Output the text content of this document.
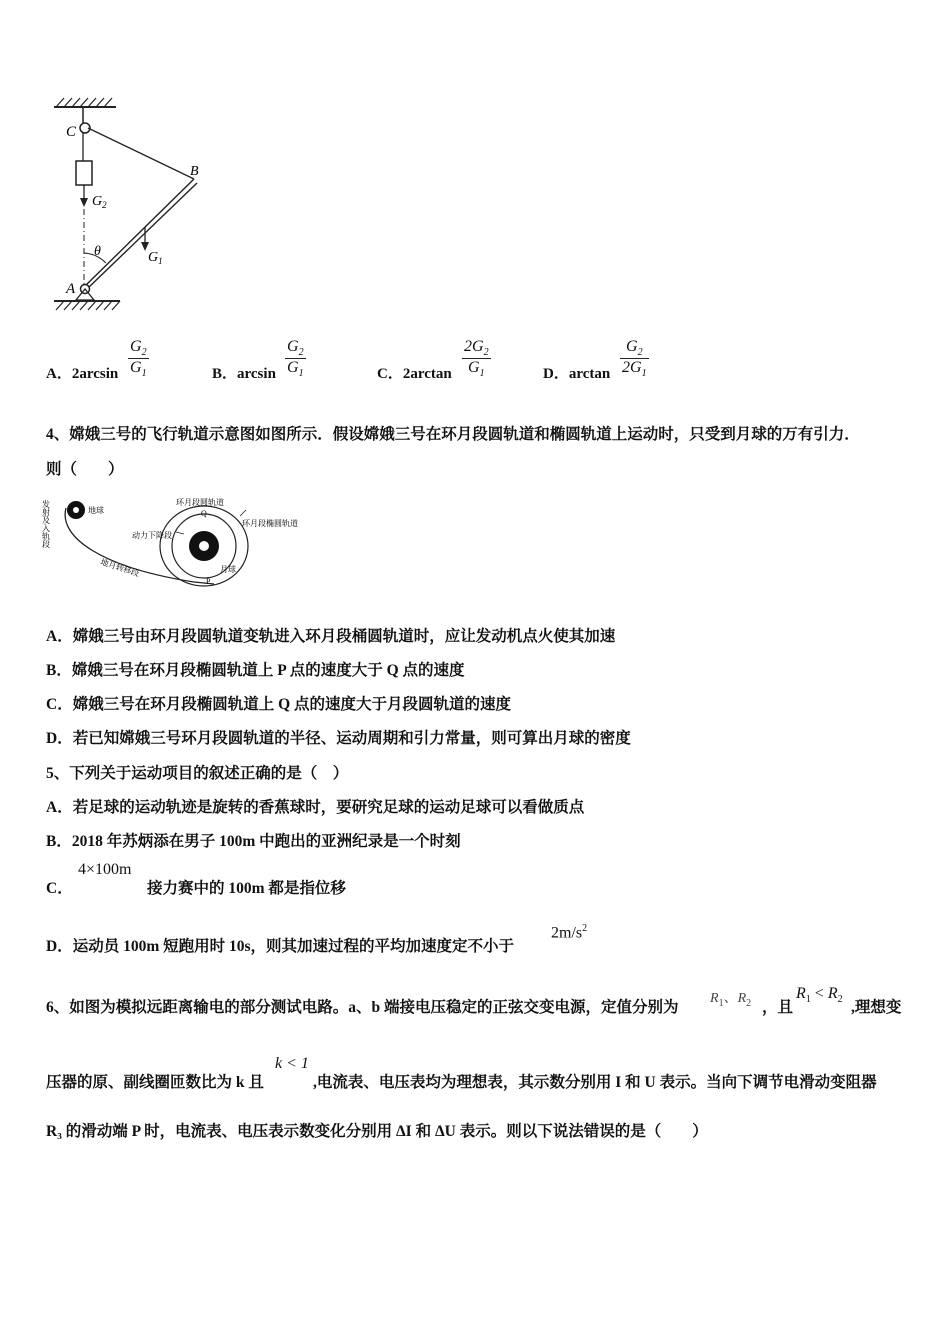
C
B
A
$G_2$
$G_1$
θ
A．$2\arcsin \frac{G_2}{G_1}$	B．$\arcsin \frac{G_2}{G_1}$	C．$2\arctan \frac{2G_2}{G_1}$	D．$\arctan \frac{G_2}{2G_1}$
4、嫦娥三号的飞行轨道示意图如图所示．假设嫦娥三号在环月段圆轨道和椭圆轨道上运动时，只受到月球的万有引力．
则（　　）
发射及入轨段	地球
环月段圆轨道
环月段椭圆轨道
动力下降段
月球
地月转移段
Q
P
A．嫦娥三号由环月段圆轨道变轨进入环月段桶圆轨道时，应让发动机点火使其加速
B．嫦娥三号在环月段椭圆轨道上 P 点的速度大于 Q 点的速度
C．嫦娥三号在环月段椭圆轨道上 Q 点的速度大于月段圆轨道的速度
D．若已知嫦娥三号环月段圆轨道的半径、运动周期和引力常量，则可算出月球的密度
5、下列关于运动项目的叙述正确的是（　）
A．若足球的运动轨迹是旋转的香蕉球时，要研究足球的运动足球可以看做质点
B．2018 年苏炳添在男子 100m 中跑出的亚洲纪录是一个时刻
C．
4×100m
接力赛中的 100m 都是指位移
D．运动员 100m 短跑用时 10s，则其加速过程的平均加速度定不小于
$2m/s^2$
6、如图为模拟远距离输电的部分测试电路。a、b 端接电压稳定的正弦交变电源，定值分别为
$R_1$、$R_2$ ，且
$R_1 < R_2$ ,理想变
压器的原、副线圈匝数比为 k 且
k < 1
,电流表、电压表均为理想表，其示数分别用 I 和 U 表示。当向下调节电滑动变阻器
R₃ 的滑动端 P 时，电流表、电压表示数变化分别用 ΔI 和 ΔU 表示。则以下说法错误的是（　　）
